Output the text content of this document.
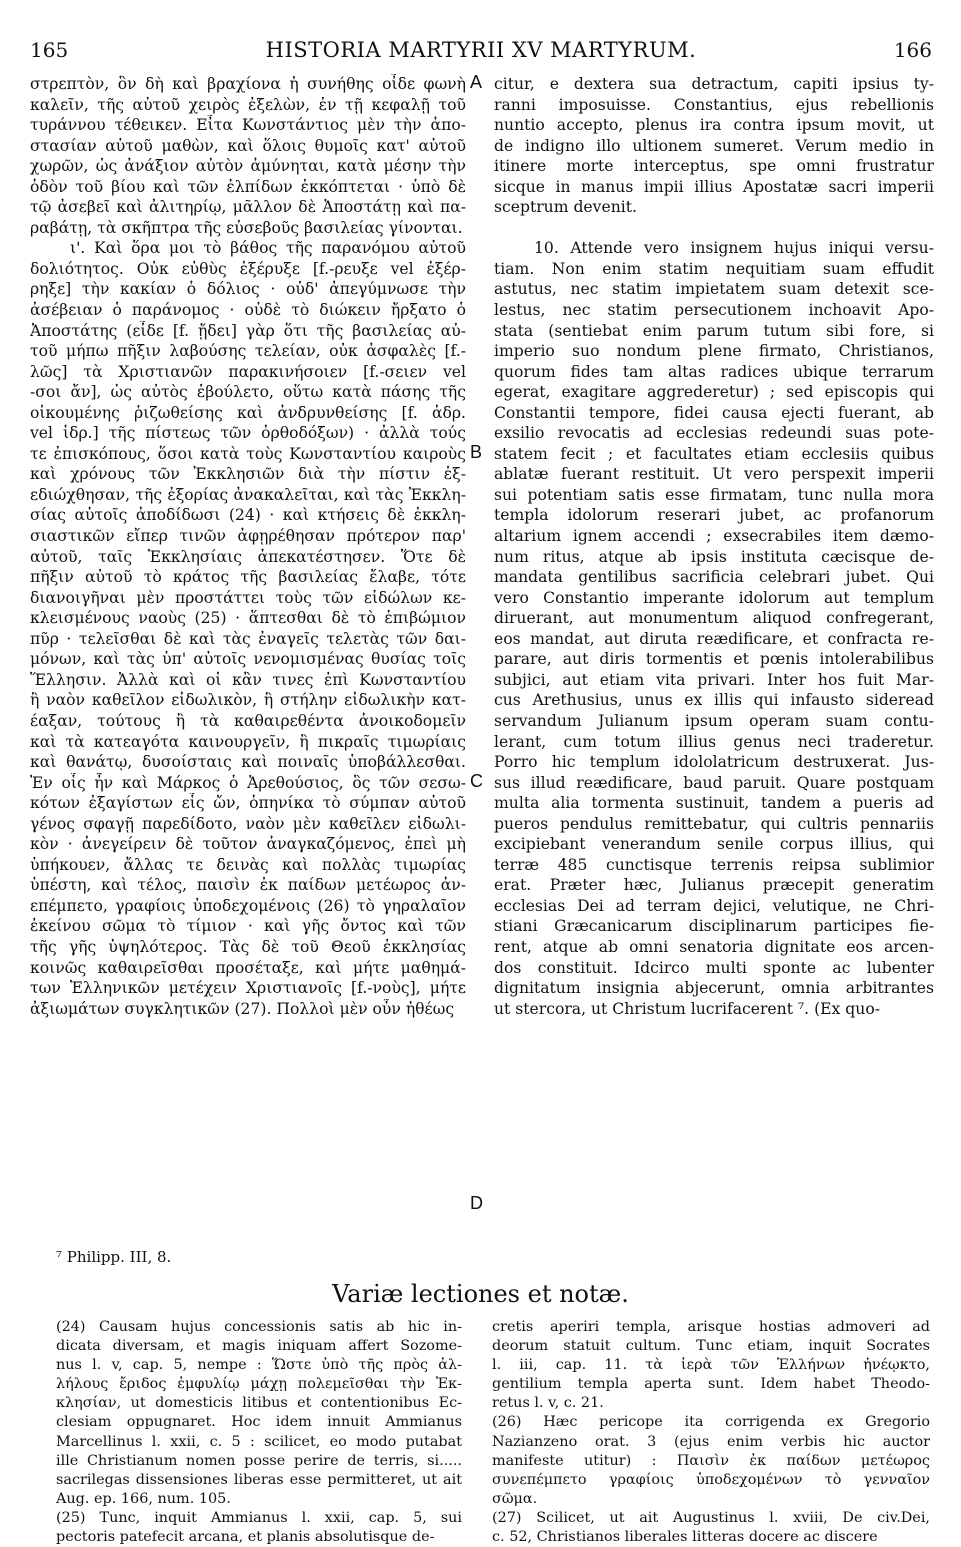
165	HISTORIA MARTYRII XV MARTYRUM.	166
στρεπτὸν, ὃν δὴ καὶ βραχίονα ἡ συνήθης οἶδε φωνὴ
καλεῖν, τῆς αὐτοῦ χειρὸς ἐξελὼν, ἐν τῇ κεφαλῇ τοῦ
τυράννου τέθεικεν. Εἶτα Κωνστάντιος μὲν τὴν ἀπο-
στασίαν αὐτοῦ μαθὼν, καὶ ὅλοις θυμοῖς κατ' αὐτοῦ
χωρῶν, ὡς ἀνάξιον αὐτὸν ἀμύνηται, κατὰ μέσην τὴν
ὁδὸν τοῦ βίου καὶ τῶν ἐλπίδων ἐκκόπτεται · ὑπὸ δὲ
τῷ ἀσεβεῖ καὶ ἀλιτηρίῳ, μᾶλλον δὲ Ἀποστάτῃ καὶ πα-
ραβάτῃ, τὰ σκῆπτρα τῆς εὐσεβοῦς βασιλείας γίνονται.
ι'. Καὶ ὅρα μοι τὸ βάθος τῆς παρανόμου αὐτοῦ
δολιότητος. Οὐκ εὐθὺς ἐξέρυξε [f.-ρευξε vel ἐξέρ-
ρηξε] τὴν κακίαν ὁ δόλιος · οὐδ' ἀπεγύμνωσε τὴν
ἀσέβειαν ὁ παράνομος · οὐδὲ τὸ διώκειν ἤρξατο ὁ
Ἀποστάτης (εἶδε [f. ᾔδει] γὰρ ὅτι τῆς βασιλείας αὐ-
τοῦ μήπω πῆξιν λαβούσης τελείαν, οὐκ ἀσφαλὲς [f.-
λῶς] τὰ Χριστιανῶν παρακινήσοιεν [f.-σειεν vel
-σοι ἄν], ὡς αὐτὸς ἐβούλετο, οὕτω κατὰ πάσης τῆς
οἰκουμένης ῥιζωθείσης καὶ ἀνδρυνθείσης [f. ἁδρ.
vel ἱδρ.] τῆς πίστεως τῶν ὀρθοδόξων) · ἀλλὰ τούς
τε ἐπισκόπους, ὅσοι κατὰ τοὺς Κωνσταντίου καιροὺς
καὶ χρόνους τῶν Ἐκκλησιῶν διὰ τὴν πίστιν ἐξ-
εδιώχθησαν, τῆς ἐξορίας ἀνακαλεῖται, καὶ τὰς Ἐκκλη-
σίας αὐτοῖς ἀποδίδωσι (24) · καὶ κτήσεις δὲ ἐκκλη-
σιαστικῶν εἴπερ τινῶν ἀφῃρέθησαν πρότερον παρ'
αὐτοῦ, ταῖς Ἐκκλησίαις ἀπεκατέστησεν. Ὅτε δὲ
πῆξιν αὐτοῦ τὸ κράτος τῆς βασιλείας ἔλαβε, τότε
διανοιγῆναι μὲν προστάττει τοὺς τῶν εἰδώλων κε-
κλεισμένους ναοὺς (25) · ἅπτεσθαι δὲ τὸ ἐπιβώμιον
πῦρ · τελεῖσθαι δὲ καὶ τὰς ἐναγεῖς τελετὰς τῶν δαι-
μόνων, καὶ τὰς ὑπ' αὐτοῖς νενομισμένας θυσίας τοῖς
Ἕλλησιν. Ἀλλὰ καὶ οἱ κἂν τινες ἐπὶ Κωνσταντίου
ἢ ναὸν καθεῖλον εἰδωλικὸν, ἢ στήλην εἰδωλικὴν κατ-
έαξαν, τούτους ἢ τὰ καθαιρεθέντα ἀνοικοδομεῖν
καὶ τὰ κατεαγότα καινουργεῖν, ἢ πικραῖς τιμωρίαις
καὶ θανάτῳ, δυσοίσταις καὶ ποιναῖς ὑποβάλλεσθαι.
Ἐν οἷς ἦν καὶ Μάρκος ὁ Ἀρεθούσιος, ὃς τῶν σεσω-
κότων ἐξαγίστων εἷς ὤν, ὁπηνίκα τὸ σύμπαν αὐτοῦ
γένος σφαγῇ παρεδίδοτο, ναὸν μὲν καθεῖλεν εἰδωλι-
κὸν · ἀνεγείρειν δὲ τοῦτον ἀναγκαζόμενος, ἐπεὶ μὴ
ὑπήκουεν, ἄλλας τε δεινὰς καὶ πολλὰς τιμωρίας
ὑπέστη, καὶ τέλος, παισὶν ἐκ παίδων μετέωρος ἀν-
επέμπετο, γραφίοις ὑποδεχομένοις (26) τὸ γηραλαῖον
ἐκείνου σῶμα τὸ τίμιον · καὶ γῆς ὄντος καὶ τῶν
τῆς γῆς ὑψηλότερος. Τὰς δὲ τοῦ Θεοῦ ἐκκλησίας
κοινῶς καθαιρεῖσθαι προσέταξε, καὶ μήτε μαθημά-
των Ἑλληνικῶν μετέχειν Χριστιανοῖς [f.-νοὺς], μήτε
ἀξιωμάτων συγκλητικῶν (27). Πολλοὶ μὲν οὖν ἠθέως
citur, e dextera sua detractum, capiti ipsius ty-
ranni imposuisse. Constantius, ejus rebellionis
nuntio accepto, plenus ira contra ipsum movit, ut
de indigno illo ultionem sumeret. Verum medio in
itinere morte interceptus, spe omni frustratur
sicque in manus impii illius Apostatæ sacri imperii
sceptrum devenit.
10. Attende vero insignem hujus iniqui versu-
tiam. Non enim statim nequitiam suam effudit
astutus, nec statim impietatem suam detexit sce-
lestus, nec statim persecutionem inchoavit Apo-
stata (sentiebat enim parum tutum sibi fore, si
imperio suo nondum plene firmato, Christianos,
quorum fides tam altas radices ubique terrarum
egerat, exagitare aggrederetur) ; sed episcopis qui
Constantii tempore, fidei causa ejecti fuerant, ab
exsilio revocatis ad ecclesias redeundi suas pote-
statem fecit ; et facultates etiam ecclesiis quibus
ablatæ fuerant restituit. Ut vero perspexit imperii
sui potentiam satis esse firmatam, tunc nulla mora
templa idolorum reserari jubet, ac profanorum
altarium ignem accendi ; exsecrabiles item dæmo-
num ritus, atque ab ipsis instituta cæcisque de-
mandata gentilibus sacrificia celebrari jubet. Qui
vero Constantio imperante idolorum aut templum
diruerant, aut monumentum aliquod confregerant,
eos mandat, aut diruta reædificare, et confracta re-
parare, aut diris tormentis et pœnis intolerabilibus
subjici, aut etiam vita privari. Inter hos fuit Mar-
cus Arethusius, unus ex illis qui infausto sideread
servandum Julianum ipsum operam suam contu-
lerant, cum totum illius genus neci traderetur.
Porro hic templum idololatricum destruxerat. Jus-
sus illud reædificare, baud paruit. Quare postquam
multa alia tormenta sustinuit, tandem a pueris ad
pueros pendulus remittebatur, qui cultris pennariis
excipiebant venerandum senile corpus illius, qui
terræ 485 cunctisque terrenis reipsa sublimior
erat. Præter hæc, Julianus præcepit generatim
ecclesias Dei ad terram dejici, velutique, ne Chri-
stiani Græcanicarum disciplinarum participes fie-
rent, atque ab omni senatoria dignitate eos arcen-
dos constituit. Idcirco multi sponte ac lubenter
dignitatum insignia abjecerunt, omnia arbitrantes
ut stercora, ut Christum lucrifacerent ⁷. (Ex quo-
A
B
C
D
⁷ Philipp. III, 8.
Variæ lectiones et notæ.
(24) Causam hujus concessionis satis ab hic in-
dicata diversam, et magis iniquam affert Sozome-
nus l. v, cap. 5, nempe : Ὥστε ὑπὸ τῆς πρὸς ἀλ-
λήλους ἔριδος ἐμφυλίῳ μάχῃ πολεμεῖσθαι τὴν Ἐκ-
κλησίαν, ut domesticis litibus et contentionibus Ec-
clesiam oppugnaret. Hoc idem innuit Ammianus
Marcellinus l. xxii, c. 5 : scilicet, eo modo putabat
ille Christianum nomen posse perire de terris, si.....
sacrilegas dissensiones liberas esse permitteret, ut ait
Aug. ep. 166, num. 105.
(25) Tunc, inquit Ammianus l. xxii, cap. 5, sui
pectoris patefecit arcana, et planis absolutisque de-
cretis aperiri templa, arisque hostias admoveri ad
deorum statuit cultum. Tunc etiam, inquit Socrates
l. iii, cap. 11. τὰ ἱερὰ τῶν Ἑλλήνων ἠνέῳκτο,
gentilium templa aperta sunt. Idem habet Theodo-
retus l. v, c. 21.
(26) Hæc pericope ita corrigenda ex Gregorio
Nazianzeno orat. 3 (ejus enim verbis hic auctor
manifeste utitur) : Παισὶν ἐκ παίδων μετέωρος
συνεπέμπετο γραφίοις ὑποδεχομένων τὸ γενναῖον
σῶμα.
(27) Scilicet, ut ait Augustinus l. xviii, De civ.Dei,
c. 52, Christianos liberales litteras docere ac discere
